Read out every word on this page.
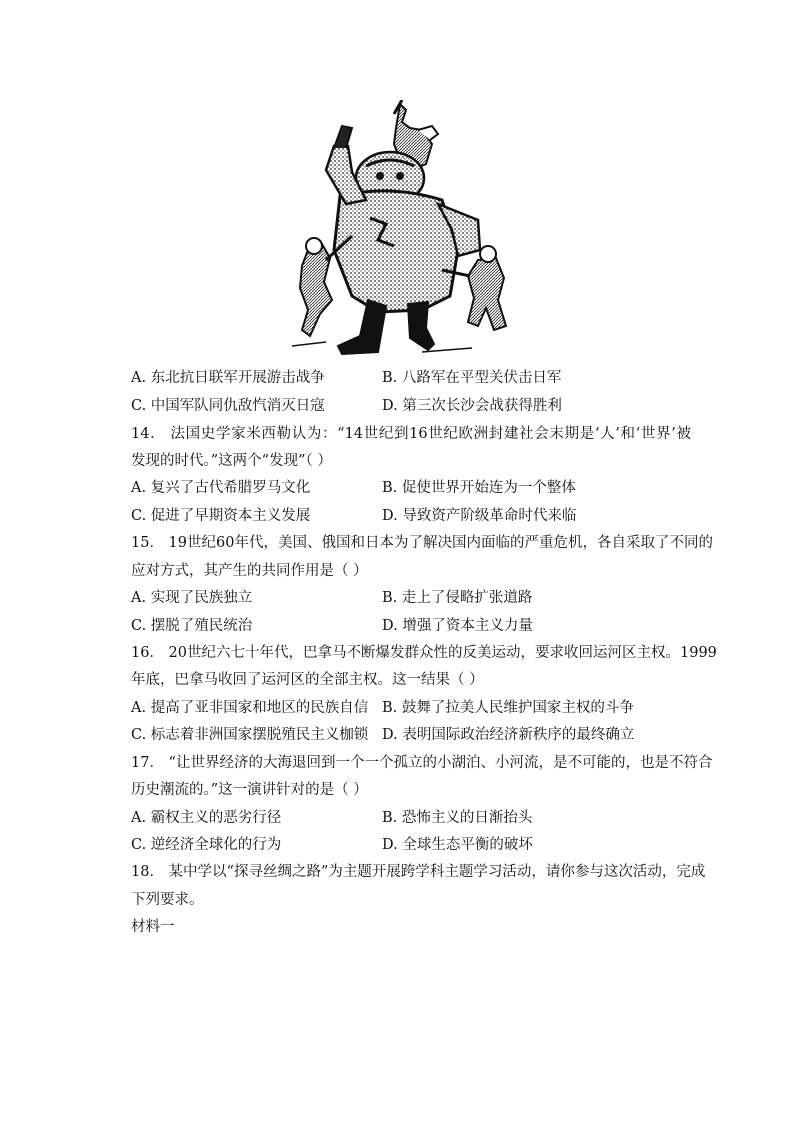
A. 东北抗日联军开展游击战争	B. 八路军在平型关伏击日军
C. 中国军队同仇敌忾消灭日寇	D. 第三次长沙会战获得胜利
14． 法国史学家米西勒认为：“14世纪到16世纪欧洲封建社会末期是‘人’和‘世界’被
发现的时代。”这两个“发现”（ ）
A. 复兴了古代希腊罗马文化	B. 促使世界开始连为一个整体
C. 促进了早期资本主义发展	D. 导致资产阶级革命时代来临
15． 19世纪60年代，美国、俄国和日本为了解决国内面临的严重危机，各自采取了不同的
应对方式，其产生的共同作用是（ ）
A. 实现了民族独立	B. 走上了侵略扩张道路
C. 摆脱了殖民统治	D. 增强了资本主义力量
16． 20世纪六七十年代，巴拿马不断爆发群众性的反美运动，要求收回运河区主权。1999
年底，巴拿马收回了运河区的全部主权。这一结果（ ）
A. 提高了亚非国家和地区的民族自信 B. 鼓舞了拉美人民维护国家主权的斗争
C. 标志着非洲国家摆脱殖民主义枷锁 D. 表明国际政治经济新秩序的最终确立
17． “让世界经济的大海退回到一个一个孤立的小湖泊、小河流，是不可能的，也是不符合
历史潮流的。”这一演讲针对的是（ ）
A. 霸权主义的恶劣行径	B. 恐怖主义的日渐抬头
C. 逆经济全球化的行为	D. 全球生态平衡的破坏
18． 某中学以“探寻丝绸之路”为主题开展跨学科主题学习活动，请你参与这次活动，完成
下列要求。
材料一
